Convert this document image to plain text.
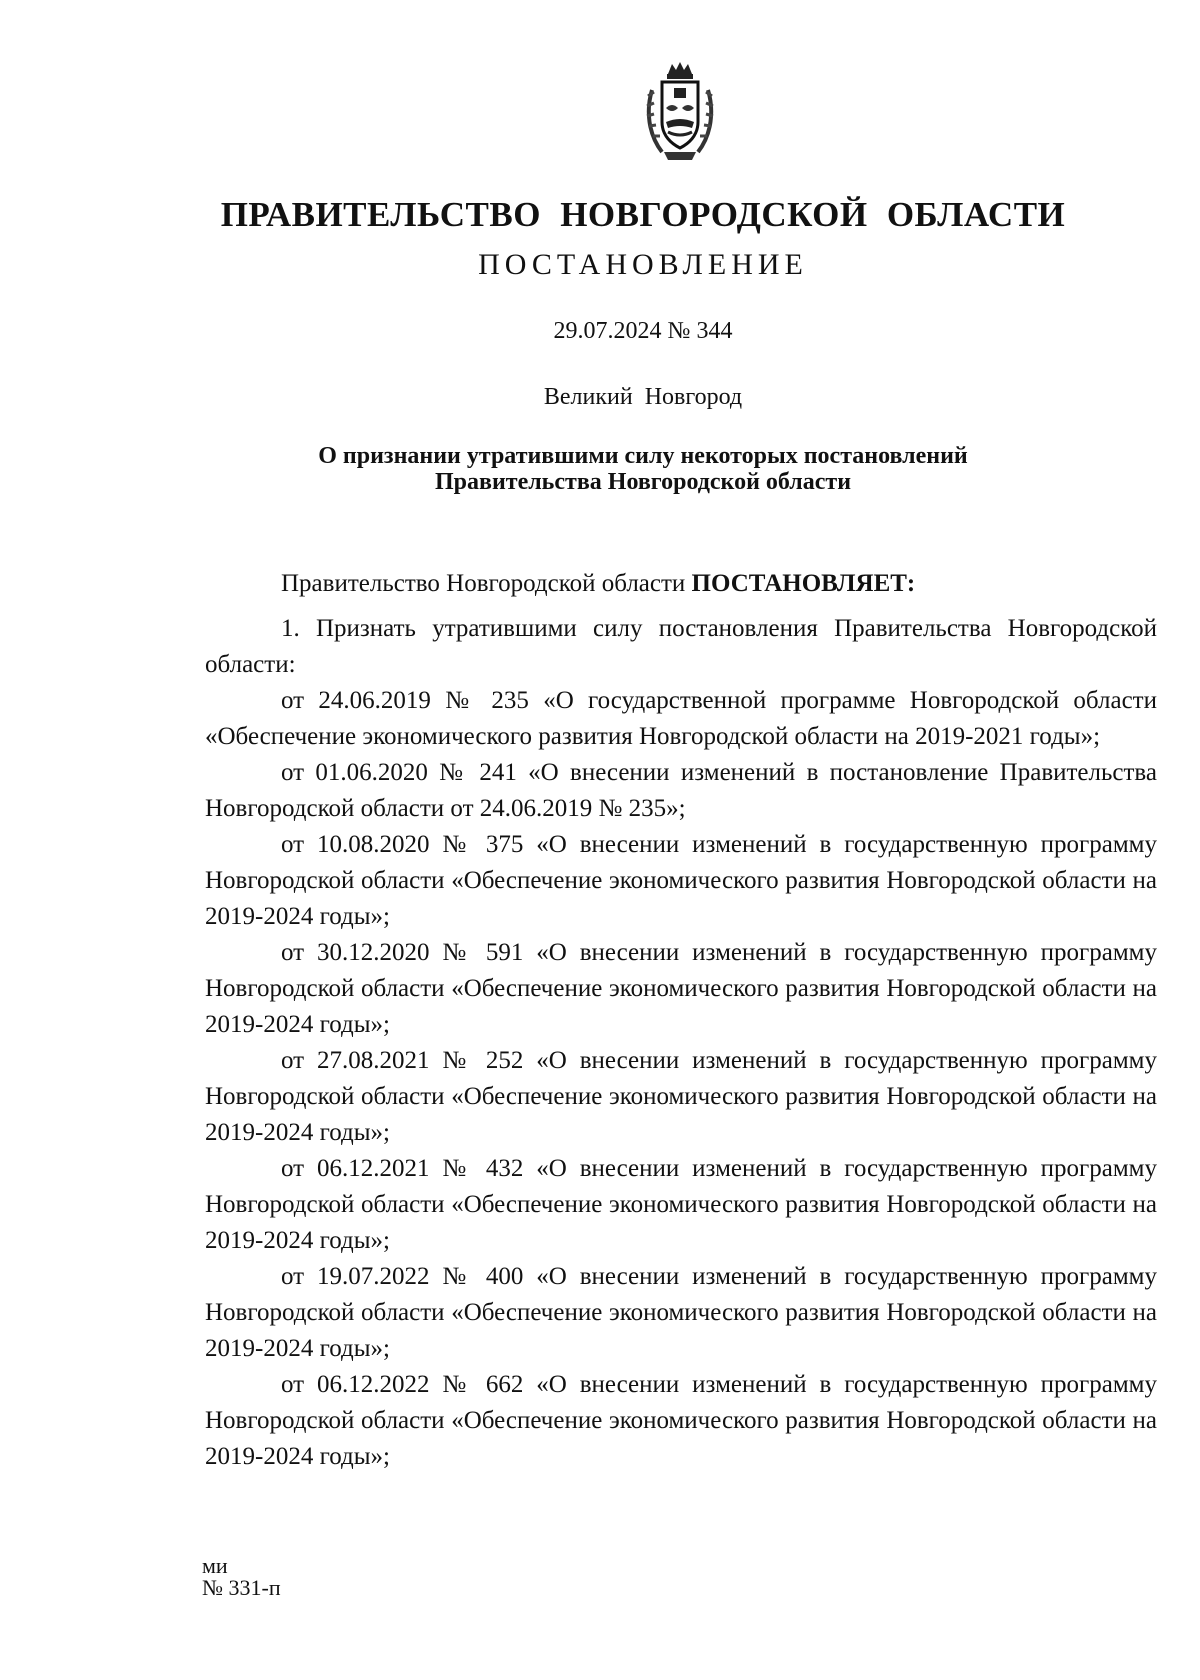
ПРАВИТЕЛЬСТВО НОВГОРОДСКОЙ ОБЛАСТИ
ПОСТАНОВЛЕНИЕ
29.07.2024 № 344
Великий Новгород
О признании утратившими силу некоторых постановлений
Правительства Новгородской области

Правительство Новгородской области ПОСТАНОВЛЯЕТ:

1. Признать утратившими силу постановления Правительства Новгородской области:

от 24.06.2019 № 235 «О государственной программе Новгородской области «Обеспечение экономического развития Новгородской области на 2019-2021 годы»;

от 01.06.2020 № 241 «О внесении изменений в постановление Правительства Новгородской области от 24.06.2019 № 235»;

от 10.08.2020 № 375 «О внесении изменений в государственную программу Новгородской области «Обеспечение экономического развития Новгородской области на 2019-2024 годы»;

от 30.12.2020 № 591 «О внесении изменений в государственную программу Новгородской области «Обеспечение экономического развития Новгородской области на 2019-2024 годы»;

от 27.08.2021 № 252 «О внесении изменений в государственную программу Новгородской области «Обеспечение экономического развития Новгородской области на 2019-2024 годы»;

от 06.12.2021 № 432 «О внесении изменений в государственную программу Новгородской области «Обеспечение экономического развития Новгородской области на 2019-2024 годы»;

от 19.07.2022 № 400 «О внесении изменений в государственную программу Новгородской области «Обеспечение экономического развития Новгородской области на 2019-2024 годы»;

от 06.12.2022 № 662 «О внесении изменений в государственную программу Новгородской области «Обеспечение экономического развития Новгородской области на 2019-2024 годы»;

ми
№ 331-п
